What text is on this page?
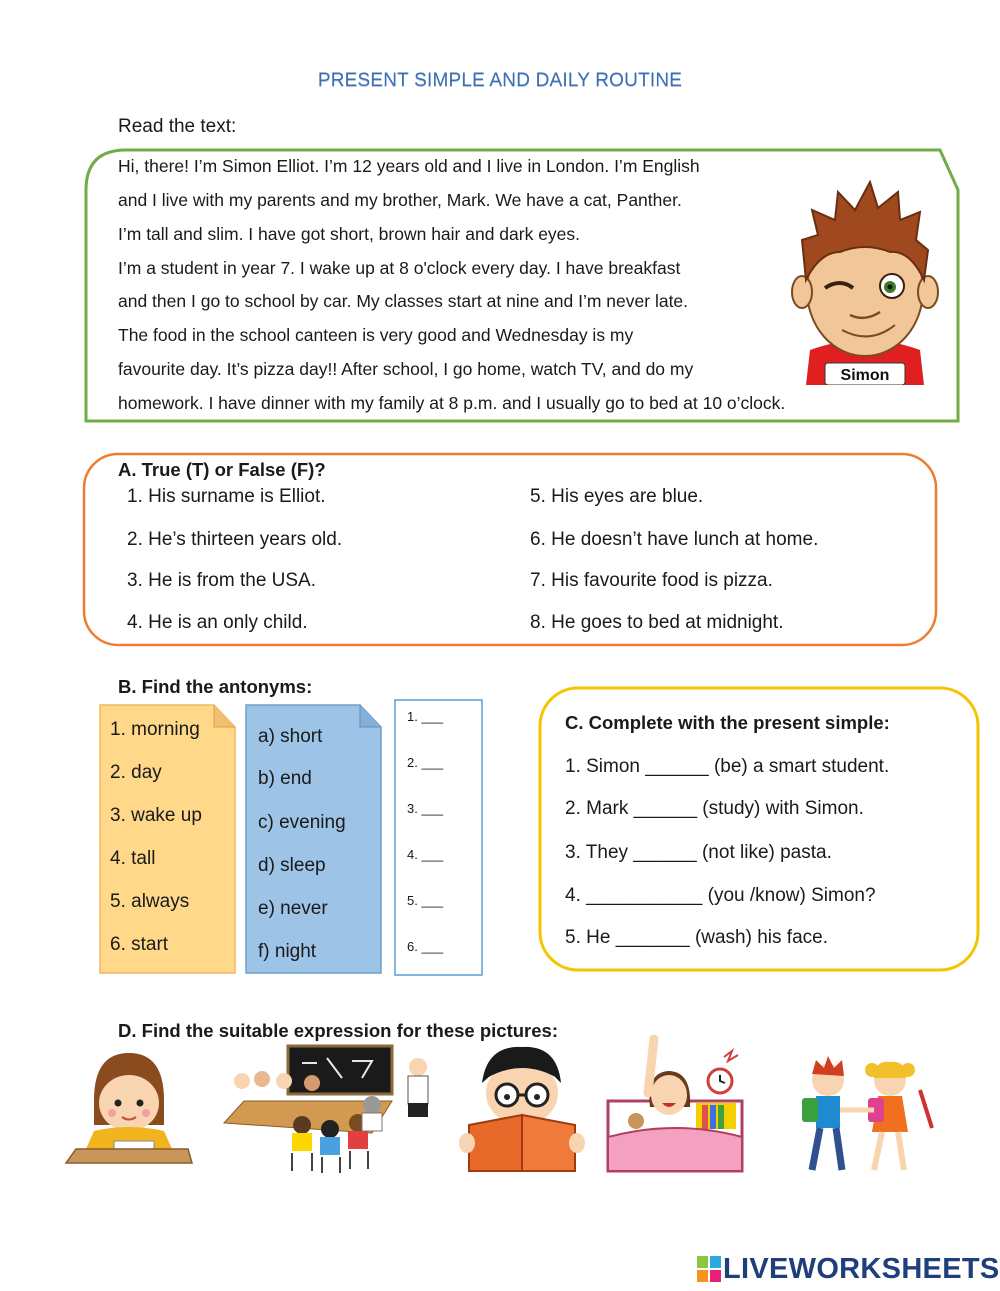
PRESENT SIMPLE AND DAILY ROUTINE
Read the text:

Hi, there! I’m Simon Elliot. I’m 12 years old and I live in London. I’m English

and I live with my parents and my brother, Mark. We have a cat, Panther.

I’m tall and slim. I have got short, brown hair and dark eyes.

I’m a student in year 7. I wake up at 8 o'clock every day. I have breakfast

and then I go to school by car. My classes start at nine and I’m never late.

The food in the school canteen is very good and Wednesday is my

favourite day. It’s pizza day!! After school, I go home, watch TV, and do my

homework. I have dinner with my family at 8 p.m. and I usually go to bed at 10 o’clock.

Simon
A. True (T) or False (F)?
1. His surname is Elliot.
2. He’s thirteen years old.
3. He is from the USA.
4. He is an only child.
5. His eyes are blue.
6. He doesn’t have lunch at home.
7. His favourite food is pizza.
8. He goes to bed at midnight.
B. Find the antonyms:
1. morning
2. day
3. wake up
4. tall
5. always
6. start
a) short
b) end
c) evening
d) sleep
e) never
f) night
1. ___
2. ___
3. ___
4. ___
5. ___
6. ___
C. Complete with the present simple:
1. Simon ______ (be) a smart student.
2. Mark ______ (study) with Simon.
3. They ______ (not like) pasta.
4. ___________ (you /know) Simon?
5. He _______ (wash) his face.
D. Find the suitable expression for these pictures:
LIVEWORKSHEETS
